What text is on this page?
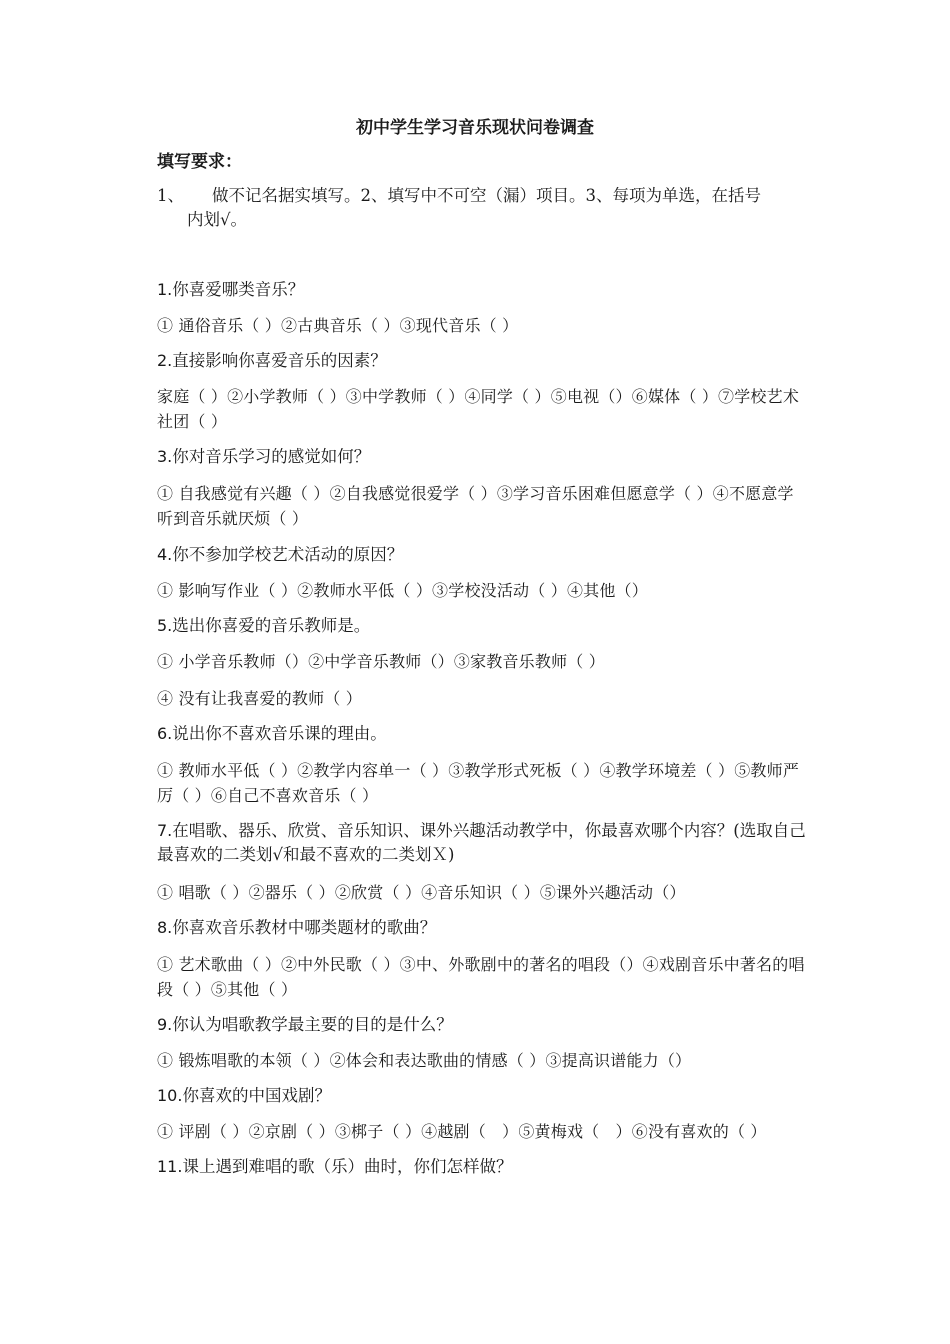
初中学生学习音乐现状问卷调查
填写要求：
1、 做不记名据实填写。2、填写中不可空（漏）项目。3、每项为单选，在括号
内划√。
1.你喜爱哪类音乐？
① 通俗音乐（ ）②古典音乐（ ）③现代音乐（ ）
2.直接影响你喜爱音乐的因素？
家庭（ ）②小学教师（ ）③中学教师（ ）④同学（ ）⑤电视（）⑥媒体（ ）⑦学校艺术社团（ ）
3.你对音乐学习的感觉如何？
① 自我感觉有兴趣（ ）②自我感觉很爱学（ ）③学习音乐困难但愿意学（ ）④不愿意学听到音乐就厌烦（ ）
4.你不参加学校艺术活动的原因？
① 影响写作业（ ）②教师水平低（ ）③学校没活动（ ）④其他（）
5.选出你喜爱的音乐教师是。
① 小学音乐教师（）②中学音乐教师（）③家教音乐教师（ ）
④ 没有让我喜爱的教师（ ）
6.说出你不喜欢音乐课的理由。
① 教师水平低（ ）②教学内容单一（ ）③教学形式死板（ ）④教学环境差（ ）⑤教师严厉（ ）⑥自己不喜欢音乐（ ）
7.在唱歌、器乐、欣赏、音乐知识、课外兴趣活动教学中，你最喜欢哪个内容？(选取自己最喜欢的二类划√和最不喜欢的二类划Ｘ)
① 唱歌（ ）②器乐（ ）②欣赏（ ）④音乐知识（ ）⑤课外兴趣活动（）
8.你喜欢音乐教材中哪类题材的歌曲？
① 艺术歌曲（ ）②中外民歌（ ）③中、外歌剧中的著名的唱段（）④戏剧音乐中著名的唱段（ ）⑤其他（ ）
9.你认为唱歌教学最主要的目的是什么？
① 锻炼唱歌的本领（ ）②体会和表达歌曲的情感（ ）③提高识谱能力（）
10.你喜欢的中国戏剧？
① 评剧（ ）②京剧（ ）③梆子（ ）④越剧（　）⑤黄梅戏（　）⑥没有喜欢的（ ）
11.课上遇到难唱的歌（乐）曲时，你们怎样做？
